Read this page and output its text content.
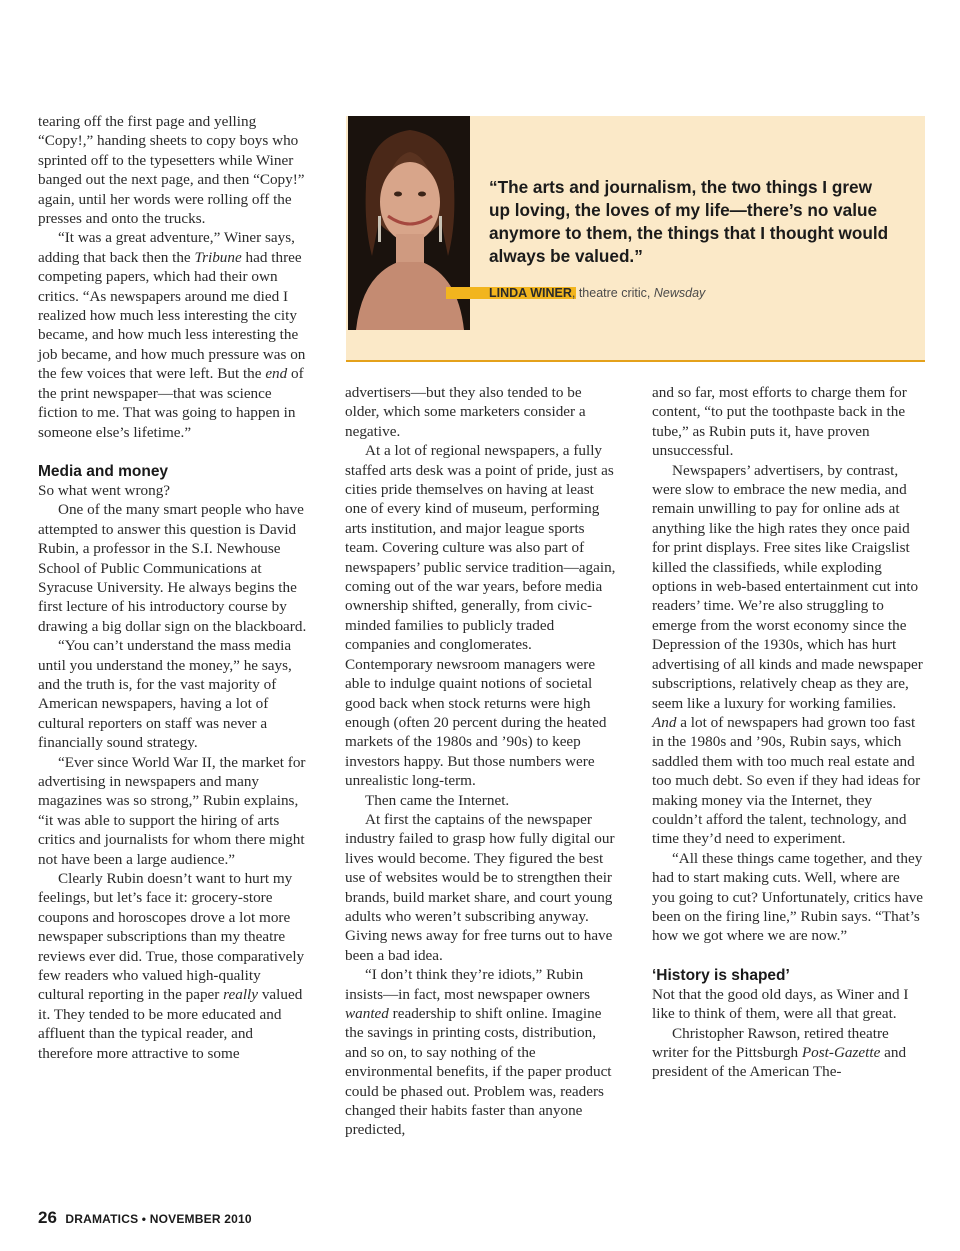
tearing off the first page and yelling “Copy!,” handing sheets to copy boys who sprinted off to the typesetters while Winer banged out the next page, and then “Copy!” again, until her words were rolling off the presses and onto the trucks.

“It was a great adventure,” Winer says, adding that back then the Tribune had three competing papers, which had their own critics. “As newspapers around me died I realized how much less interesting the city became, and how much less interesting the job became, and how much pressure was on the few voices that were left. But the end of the print newspaper—that was science fiction to me. That was going to happen in someone else’s lifetime.”

Media and money

So what went wrong?

One of the many smart people who have attempted to answer this question is David Rubin, a professor in the S.I. Newhouse School of Public Communications at Syracuse University. He always begins the first lecture of his introductory course by drawing a big dollar sign on the blackboard.

“You can’t understand the mass media until you understand the money,” he says, and the truth is, for the vast majority of American newspapers, having a lot of cultural reporters on staff was never a financially sound strategy.

“Ever since World War II, the market for advertising in newspapers and many magazines was so strong,” Rubin explains, “it was able to support the hiring of arts critics and journalists for whom there might not have been a large audience.”

Clearly Rubin doesn’t want to hurt my feelings, but let’s face it: grocery-store coupons and horoscopes drove a lot more newspaper subscriptions than my theatre reviews ever did. True, those comparatively few readers who valued high-quality cultural reporting in the paper really valued it. They tended to be more educated and affluent than the typical reader, and therefore more attractive to some

“The arts and journalism, the two things I grew up loving, the loves of my life—there’s no value anymore to them, the things that I thought would always be valued.”
LINDA WINER, theatre critic, Newsday

advertisers—but they also tended to be older, which some marketers consider a negative.

At a lot of regional newspapers, a fully staffed arts desk was a point of pride, just as cities pride themselves on having at least one of every kind of museum, performing arts institution, and major league sports team. Covering culture was also part of newspapers’ public service tradition—again, coming out of the war years, before media ownership shifted, generally, from civic-minded families to publicly traded companies and conglomerates. Contemporary newsroom managers were able to indulge quaint notions of societal good back when stock returns were high enough (often 20 percent during the heated markets of the 1980s and ’90s) to keep investors happy. But those numbers were unrealistic long-term.

Then came the Internet.

At first the captains of the newspaper industry failed to grasp how fully digital our lives would become. They figured the best use of websites would be to strengthen their brands, build market share, and court young adults who weren’t subscribing anyway. Giving news away for free turns out to have been a bad idea.

“I don’t think they’re idiots,” Rubin insists—in fact, most newspaper owners wanted readership to shift online. Imagine the savings in printing costs, distribution, and so on, to say nothing of the environmental benefits, if the paper product could be phased out. Problem was, readers changed their habits faster than anyone predicted,

and so far, most efforts to charge them for content, “to put the toothpaste back in the tube,” as Rubin puts it, have proven unsuccessful.

Newspapers’ advertisers, by contrast, were slow to embrace the new media, and remain unwilling to pay for online ads at anything like the high rates they once paid for print displays. Free sites like Craigslist killed the classifieds, while exploding options in web-based entertainment cut into readers’ time. We’re also struggling to emerge from the worst economy since the Depression of the 1930s, which has hurt advertising of all kinds and made newspaper subscriptions, relatively cheap as they are, seem like a luxury for working families. And a lot of newspapers had grown too fast in the 1980s and ’90s, Rubin says, which saddled them with too much real estate and too much debt. So even if they had ideas for making money via the Internet, they couldn’t afford the talent, technology, and time they’d need to experiment.

“All these things came together, and they had to start making cuts. Well, where are you going to cut? Unfortunately, critics have been on the firing line,” Rubin says. “That’s how we got where we are now.”

‘History is shaped’

Not that the good old days, as Winer and I like to think of them, were all that great.

Christopher Rawson, retired theatre writer for the Pittsburgh Post-Gazette and president of the American The-

26 DRAMATICS • NOVEMBER 2010
